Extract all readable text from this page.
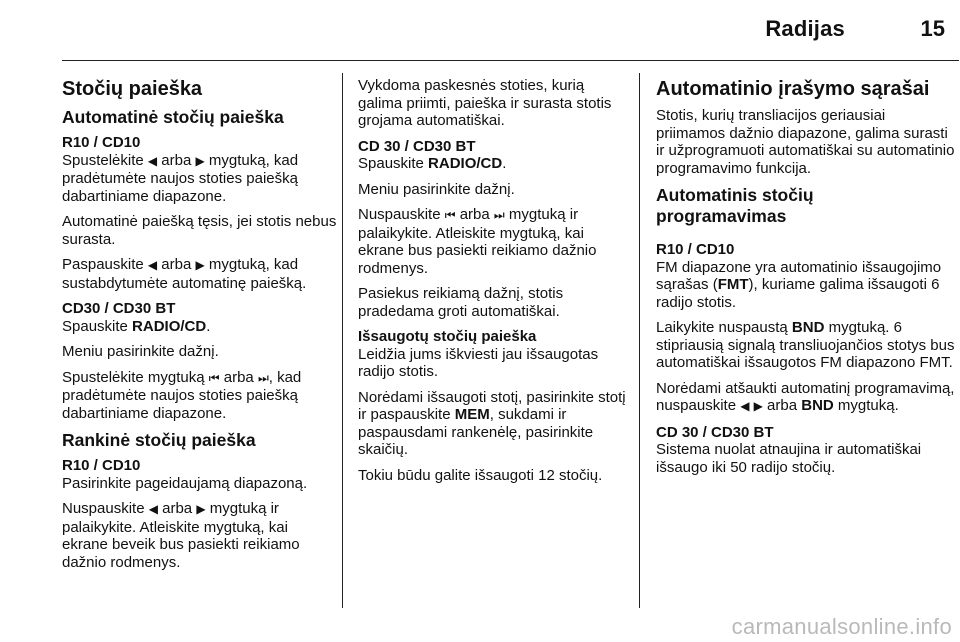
Radijas	15
Stočių paieška
Automatinė stočių paieška
R10 / CD10

Spustelėkite ◀ arba ▶ mygtuką, kad pradėtumėte naujos stoties paiešką dabartiniame diapazone.

Automatinė paiešką tęsis, jei stotis nebus surasta.

Paspauskite ◀ arba ▶ mygtuką, kad sustabdytumėte automatinę paiešką.

CD30 / CD30 BT

Spauskite RADIO/CD.

Meniu pasirinkite dažnį.

Spustelėkite mygtuką ⏮ arba ⏭, kad pradėtumėte naujos stoties paiešką dabartiniame diapazone.

Rankinė stočių paieška
R10 / CD10

Pasirinkite pageidaujamą diapazoną.

Nuspauskite ◀ arba ▶ mygtuką ir palaikykite. Atleiskite mygtuką, kai ekrane beveik bus pasiekti reikiamo dažnio rodmenys.

Vykdoma paskesnės stoties, kurią galima priimti, paieška ir surasta stotis grojama automatiškai.

CD 30 / CD30 BT

Spauskite RADIO/CD.

Meniu pasirinkite dažnį.

Nuspauskite ⏮ arba ⏭ mygtuką ir palaikykite. Atleiskite mygtuką, kai ekrane bus pasiekti reikiamo dažnio rodmenys.

Pasiekus reikiamą dažnį, stotis pradedama groti automatiškai.

Išsaugotų stočių paieška

Leidžia jums iškviesti jau išsaugotas radijo stotis.

Norėdami išsaugoti stotį, pasirinkite stotį ir paspauskite MEM, sukdami ir paspausdami rankenėlę, pasirinkite skaičių.

Tokiu būdu galite išsaugoti 12 stočių.

Automatinio įrašymo sąrašai

Stotis, kurių transliacijos geriausiai priimamos dažnio diapazone, galima surasti ir užprogramuoti automatiškai su automatinio programavimo funkcija.

Automatinis stočių programavimas
R10 / CD10

FM diapazone yra automatinio išsaugojimo sąrašas (FMT), kuriame galima išsaugoti 6 radijo stotis.

Laikykite nuspaustą BND mygtuką. 6 stipriausią signalą transliuojančios stotys bus automatiškai išsaugotos FM diapazono FMT.

Norėdami atšaukti automatinį programavimą, nuspauskite ◀ ▶ arba BND mygtuką.

CD 30 / CD30 BT

Sistema nuolat atnaujina ir automatiškai išsaugo iki 50 radijo stočių.

carmanualsonline.info
